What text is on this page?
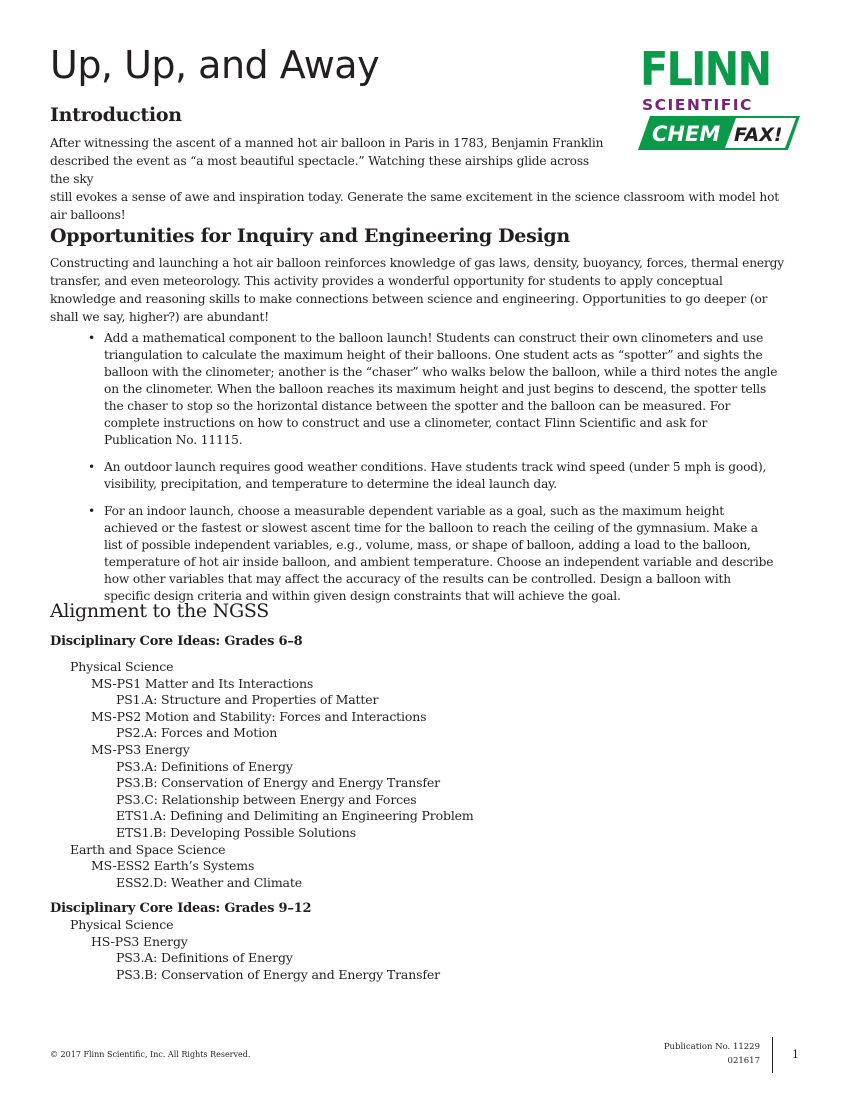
Up, Up, and Away	FLINN
SCIENTIFIC
CHEM FAX!
Introduction

After witnessing the ascent of a manned hot air balloon in Paris in 1783, Benjamin Franklin
described the event as “a most beautiful spectacle.” Watching these airships glide across the sky
still evokes a sense of awe and inspiration today. Generate the same excitement in the science classroom with model hot air balloons!

Opportunities for Inquiry and Engineering Design

Constructing and launching a hot air balloon reinforces knowledge of gas laws, density, buoyancy, forces, thermal energy transfer, and even meteorology. This activity provides a wonderful opportunity for students to apply conceptual knowledge and reasoning skills to make connections between science and engineering. Opportunities to go deeper (or shall we say, higher?) are abundant!

• Add a mathematical component to the balloon launch! Students can construct their own clinometers and use triangulation to calculate the maximum height of their balloons. One student acts as “spotter” and sights the balloon with the clinometer; another is the “chaser” who walks below the balloon, while a third notes the angle on the clinometer. When the balloon reaches its maximum height and just begins to descend, the spotter tells the chaser to stop so the horizontal distance between the spotter and the balloon can be measured. For complete instructions on how to construct and use a clinometer, contact Flinn Scientific and ask for Publication No. 11115.
• An outdoor launch requires good weather conditions. Have students track wind speed (under 5 mph is good), visibility, precipitation, and temperature to determine the ideal launch day.
• For an indoor launch, choose a measurable dependent variable as a goal, such as the maximum height achieved or the fastest or slowest ascent time for the balloon to reach the ceiling of the gymnasium. Make a list of possible independent variables, e.g., volume, mass, or shape of balloon, adding a load to the balloon, temperature of hot air inside balloon, and ambient temperature. Choose an independent variable and describe how other variables that may affect the accuracy of the results can be controlled. Design a balloon with specific design criteria and within given design constraints that will achieve the goal.
Alignment to the NGSS
Disciplinary Core Ideas: Grades 6–8
Physical Science
MS-PS1 Matter and Its Interactions
PS1.A: Structure and Properties of Matter
MS-PS2 Motion and Stability: Forces and Interactions
PS2.A: Forces and Motion
MS-PS3 Energy
PS3.A: Definitions of Energy
PS3.B: Conservation of Energy and Energy Transfer
PS3.C: Relationship between Energy and Forces
ETS1.A: Defining and Delimiting an Engineering Problem
ETS1.B: Developing Possible Solutions
Earth and Space Science
MS-ESS2 Earth’s Systems
ESS2.D: Weather and Climate
Disciplinary Core Ideas: Grades 9–12
Physical Science
HS-PS3 Energy
PS3.A: Definitions of Energy
PS3.B: Conservation of Energy and Energy Transfer
© 2017 Flinn Scientific, Inc. All Rights Reserved.
Publication No. 11229
021617	1
